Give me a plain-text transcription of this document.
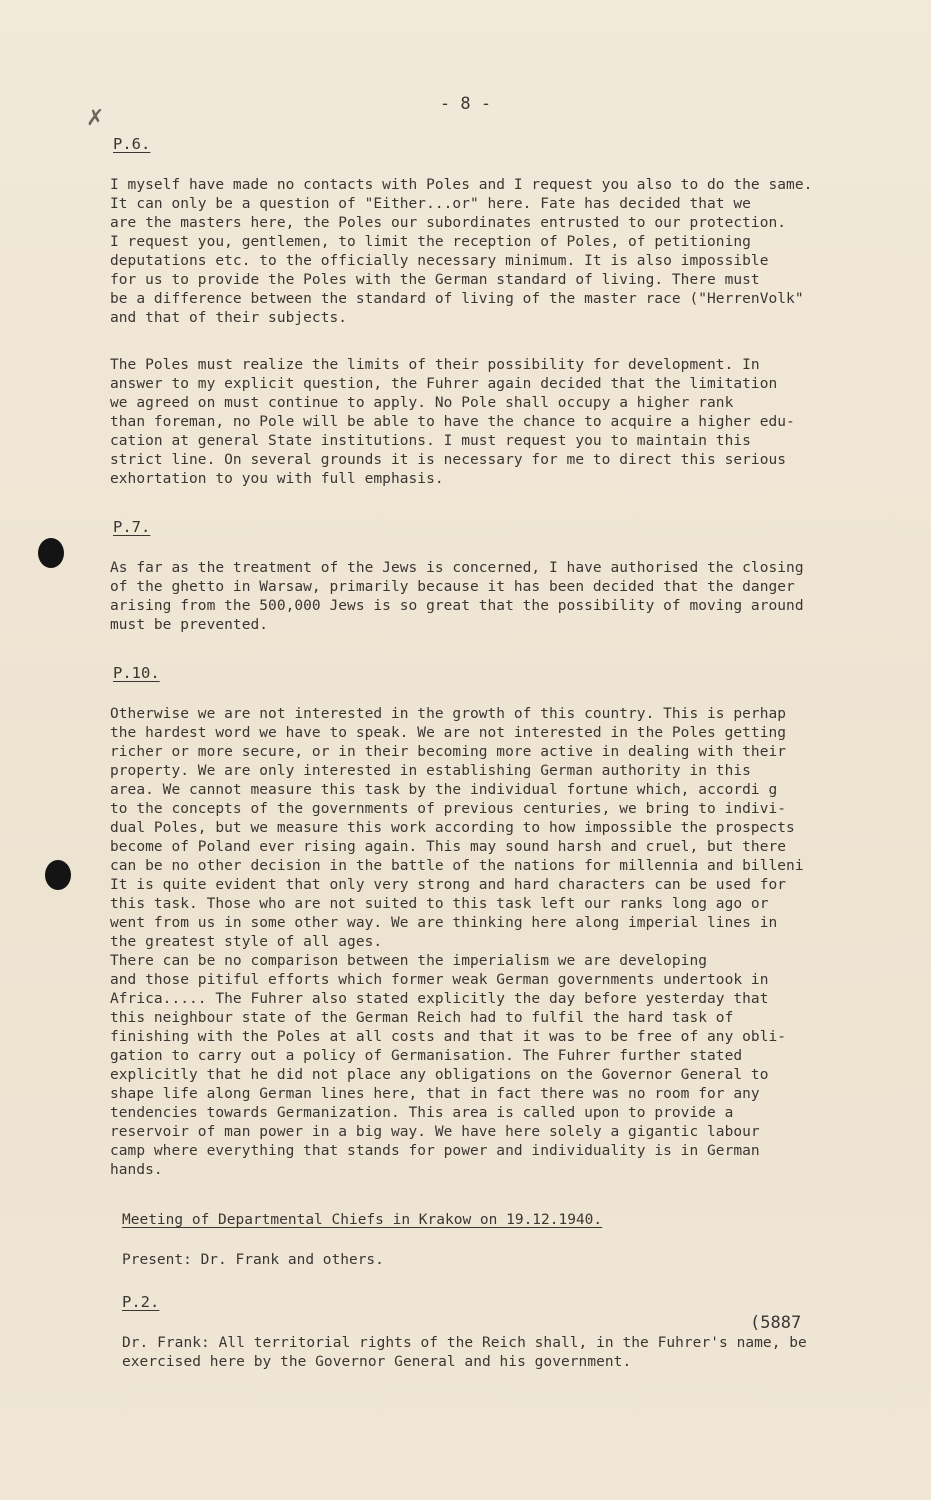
- 8 -
✗
P.6.

I myself have made no contacts with Poles and I request you also to do the same.
It can only be a question of "Either...or" here. Fate has decided that we
are the masters here, the Poles our subordinates entrusted to our protection.
I request you, gentlemen, to limit the reception of Poles, of petitioning
deputations etc. to the officially necessary minimum. It is also impossible
for us to provide the Poles with the German standard of living. There must
be a difference between the standard of living of the master race ("HerrenVolk"
and that of their subjects.

The Poles must realize the limits of their possibility for development. In
answer to my explicit question, the Fuhrer again decided that the limitation
we agreed on must continue to apply. No Pole shall occupy a higher rank
than foreman, no Pole will be able to have the chance to acquire a higher edu-
cation at general State institutions. I must request you to maintain this
strict line. On several grounds it is necessary for me to direct this serious
exhortation to you with full emphasis.

P.7.

As far as the treatment of the Jews is concerned, I have authorised the closing
of the ghetto in Warsaw, primarily because it has been decided that the danger
arising from the 500,000 Jews is so great that the possibility of moving around
must be prevented.

P.10.

Otherwise we are not interested in the growth of this country. This is perhap
the hardest word we have to speak. We are not interested in the Poles getting
richer or more secure, or in their becoming more active in dealing with their
property. We are only interested in establishing German authority in this
area. We cannot measure this task by the individual fortune which, accordi g
to the concepts of the governments of previous centuries, we bring to indivi-
dual Poles, but we measure this work according to how impossible the prospects
become of Poland ever rising again. This may sound harsh and cruel, but there
can be no other decision in the battle of the nations for millennia and billeni
It is quite evident that only very strong and hard characters can be used for
this task. Those who are not suited to this task left our ranks long ago or
went from us in some other way. We are thinking here along imperial lines in
the greatest style of all ages.

There can be no comparison between the imperialism we are developing
and those pitiful efforts which former weak German governments undertook in
Africa..... The Fuhrer also stated explicitly the day before yesterday that
this neighbour state of the German Reich had to fulfil the hard task of
finishing with the Poles at all costs and that it was to be free of any obli-
gation to carry out a policy of Germanisation. The Fuhrer further stated
explicitly that he did not place any obligations on the Governor General to
shape life along German lines here, that in fact there was no room for any
tendencies towards Germanization. This area is called upon to provide a
reservoir of man power in a big way. We have here solely a gigantic labour
camp where everything that stands for power and individuality is in German
hands.

Meeting of Departmental Chiefs in Krakow on 19.12.1940.
Present: Dr. Frank and others.
P.2.

Dr. Frank: All territorial rights of the Reich shall, in the Fuhrer's name, be
exercised here by the Governor General and his government.

(5887
